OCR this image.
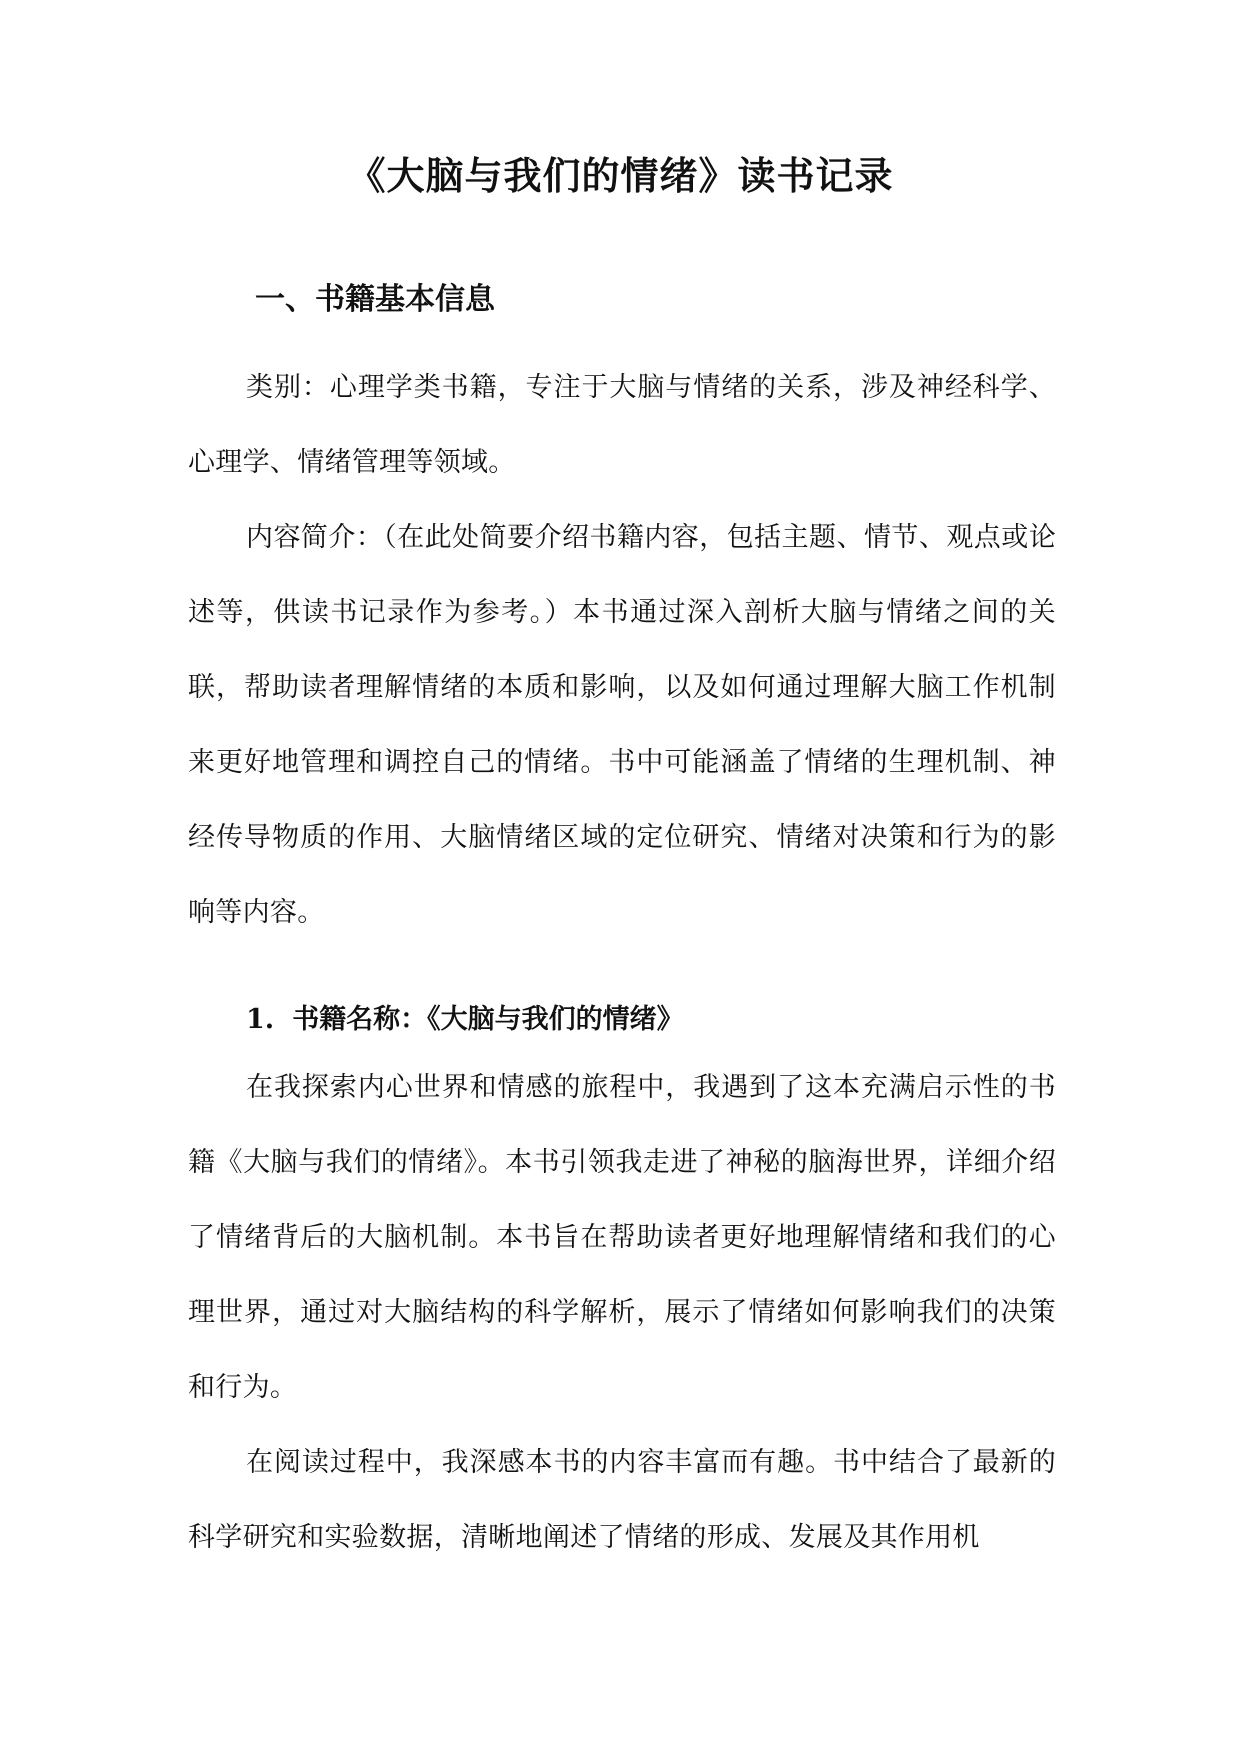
《大脑与我们的情绪》读书记录
一、书籍基本信息

类别：心理学类书籍，专注于大脑与情绪的关系，涉及神经科学、心理学、情绪管理等领域。

内容简介：（在此处简要介绍书籍内容，包括主题、情节、观点或论述等，供读书记录作为参考。）本书通过深入剖析大脑与情绪之间的关联，帮助读者理解情绪的本质和影响，以及如何通过理解大脑工作机制来更好地管理和调控自己的情绪。书中可能涵盖了情绪的生理机制、神经传导物质的作用、大脑情绪区域的定位研究、情绪对决策和行为的影响等内容。

1. 书籍名称：《大脑与我们的情绪》

在我探索内心世界和情感的旅程中，我遇到了这本充满启示性的书籍《大脑与我们的情绪》。本书引领我走进了神秘的脑海世界，详细介绍了情绪背后的大脑机制。本书旨在帮助读者更好地理解情绪和我们的心理世界，通过对大脑结构的科学解析，展示了情绪如何影响我们的决策和行为。

在阅读过程中，我深感本书的内容丰富而有趣。书中结合了最新的科学研究和实验数据，清晰地阐述了情绪的形成、发展及其作用机
